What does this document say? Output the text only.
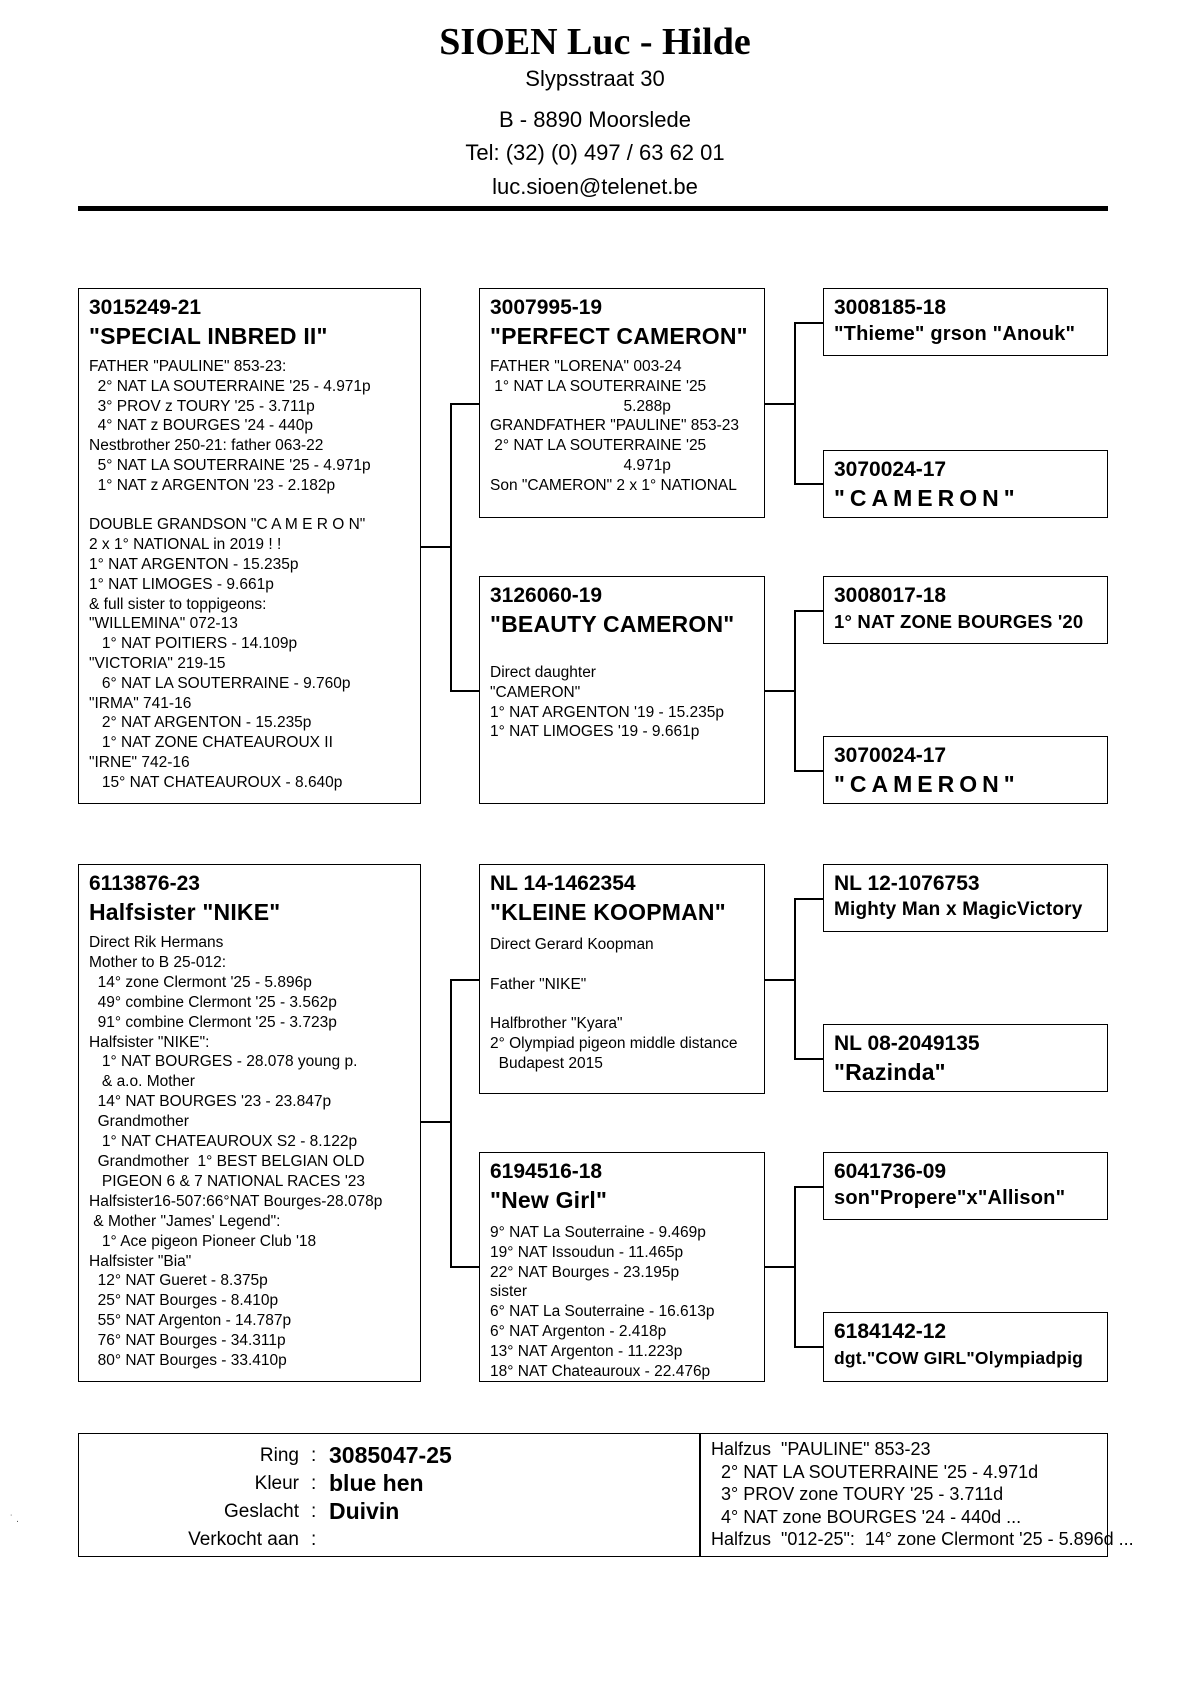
SIOEN Luc - Hilde
Slypsstraat 30
B - 8890 Moorslede
Tel: (32) (0) 497 / 63 62 01
luc.sioen@telenet.be
3015249-21
"SPECIAL INBRED II"
FATHER "PAULINE" 853-23:
2° NAT LA SOUTERRAINE '25 - 4.971p
3° PROV z TOURY '25 - 3.711p
4° NAT z BOURGES '24 - 440p
Nestbrother 250-21: father 063-22
5° NAT LA SOUTERRAINE '25 - 4.971p
1° NAT z ARGENTON '23 - 2.182p

DOUBLE GRANDSON "C A M E R O N"
2 x 1° NATIONAL in 2019 ! !
1° NAT ARGENTON - 15.235p
1° NAT LIMOGES - 9.661p
& full sister to toppigeons:
"WILLEMINA" 072-13
1° NAT POITIERS - 14.109p
"VICTORIA" 219-15
6° NAT LA SOUTERRAINE - 9.760p
"IRMA" 741-16
2° NAT ARGENTON - 15.235p
1° NAT ZONE CHATEAUROUX II
"IRNE" 742-16
15° NAT CHATEAUROUX - 8.640p
3007995-19
"PERFECT CAMERON"
FATHER "LORENA" 003-24
1° NAT LA SOUTERRAINE '25
5.288p
GRANDFATHER "PAULINE" 853-23
2° NAT LA SOUTERRAINE '25
4.971p
Son "CAMERON" 2 x 1° NATIONAL
3126060-19
"BEAUTY CAMERON"
Direct daughter
"CAMERON"
1° NAT ARGENTON '19 - 15.235p
1° NAT LIMOGES '19 - 9.661p
3008185-18
"Thieme" grson "Anouk"
3070024-17
"CAMERON"
3008017-18
1° NAT ZONE BOURGES '20
3070024-17
"CAMERON"
6113876-23
Halfsister "NIKE"
Direct Rik Hermans
Mother to B 25-012:
14° zone Clermont '25 - 5.896p
49° combine Clermont '25 - 3.562p
91° combine Clermont '25 - 3.723p
Halfsister "NIKE":
1° NAT BOURGES - 28.078 young p.
& a.o. Mother
14° NAT BOURGES '23 - 23.847p
Grandmother
1° NAT CHATEAUROUX S2 - 8.122p
Grandmother  1° BEST BELGIAN OLD
PIGEON 6 & 7 NATIONAL RACES '23
Halfsister16-507:66°NAT Bourges-28.078p
& Mother "James' Legend":
1° Ace pigeon Pioneer Club '18
Halfsister "Bia"
12° NAT Gueret - 8.375p
25° NAT Bourges - 8.410p
55° NAT Argenton - 14.787p
76° NAT Bourges - 34.311p
80° NAT Bourges - 33.410p
NL 14-1462354
"KLEINE KOOPMAN"
Direct Gerard Koopman

Father "NIKE"

Halfbrother "Kyara"
2° Olympiad pigeon middle distance
Budapest 2015
6194516-18
"New Girl"
9° NAT La Souterraine - 9.469p
19° NAT Issoudun - 11.465p
22° NAT Bourges - 23.195p
sister
6° NAT La Souterraine - 16.613p
6° NAT Argenton - 2.418p
13° NAT Argenton - 11.223p
18° NAT Chateauroux - 22.476p
NL 12-1076753
Mighty Man x MagicVictory
NL 08-2049135
"Razinda"
6041736-09
son"Propere"x"Allison"
6184142-12
dgt."COW GIRL"Olympiadpig
Ring : 3085047-25
Kleur : blue hen
Geslacht : Duivin
Verkocht aan :
Halfzus  "PAULINE" 853-23
2° NAT LA SOUTERRAINE '25 - 4.971d
3° PROV zone TOURY '25 - 3.711d
4° NAT zone BOURGES '24 - 440d ...
Halfzus  "012-25":  14° zone Clermont '25 - 5.896d ...
˙ .
